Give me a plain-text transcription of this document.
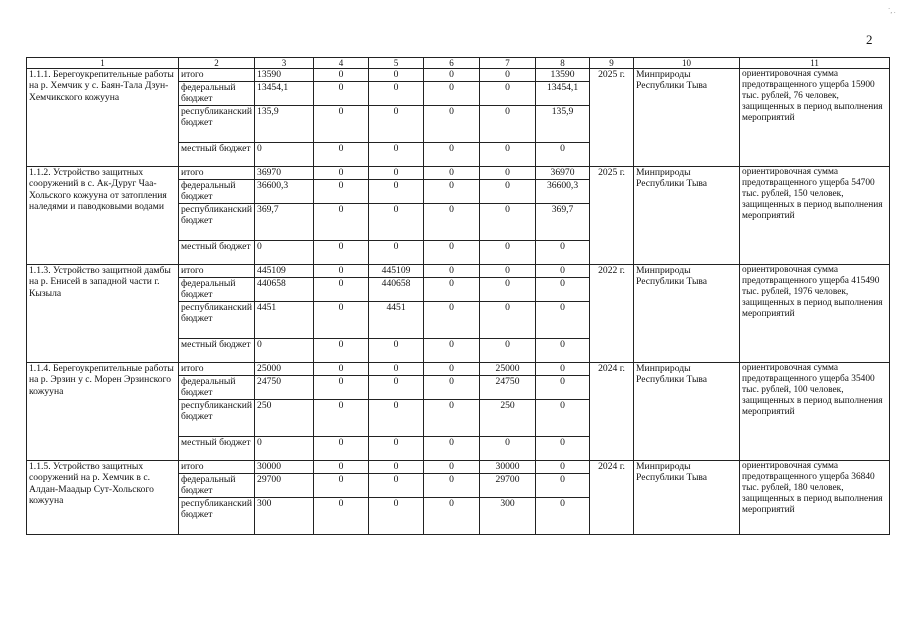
`, .
2
1	2	3	4	5	6	7	8	9	10	11
1.1.1. Берегоукрепительные работы на р. Хемчик у с. Баян-Тала Дзун-Хемчикского кожууна	итого	13590	0	0	0	0	13590	2025 г.	Минприроды Республики Тыва	ориентировочная сумма предотвращенного ущерба 15900 тыс. рублей, 76 человек, защищенных в период выполнения мероприятий
	федеральный бюджет	13454,1	0	0	0	0	13454,1			
	республиканский бюджет	135,9	0	0	0	0	135,9			
	местный бюджет	0	0	0	0	0	0			
1.1.2. Устройство защитных сооружений в с. Ак-Дуруг Чаа-Хольского кожууна от затопления наледями и паводковыми водами	итого	36970	0	0	0	0	36970	2025 г.	Минприроды Республики Тыва	ориентировочная сумма предотвращенного ущерба 54700 тыс. рублей, 150 человек, защищенных в период выполнения мероприятий
	федеральный бюджет	36600,3	0	0	0	0	36600,3			
	республиканский бюджет	369,7	0	0	0	0	369,7			
	местный бюджет	0	0	0	0	0	0			
1.1.3. Устройство защитной дамбы на р. Енисей в западной части г. Кызыла	итого	445109	0	445109	0	0	0	2022 г.	Минприроды Республики Тыва	ориентировочная сумма предотвращенного ущерба 415490 тыс. рублей, 1976 человек, защищенных в период выполнения мероприятий
	федеральный бюджет	440658	0	440658	0	0	0			
	республиканский бюджет	4451	0	4451	0	0	0			
	местный бюджет	0	0	0	0	0	0			
1.1.4. Берегоукрепительные работы на р. Эрзин у с. Морен Эрзинского кожууна	итого	25000	0	0	0	25000	0	2024 г.	Минприроды Республики Тыва	ориентировочная сумма предотвращенного ущерба 35400 тыс. рублей, 100 человек, защищенных в период выполнения мероприятий
	федеральный бюджет	24750	0	0	0	24750	0			
	республиканский бюджет	250	0	0	0	250	0			
	местный бюджет	0	0	0	0	0	0			
1.1.5. Устройство защитных сооружений на р. Хемчик в с. Алдан-Маадыр Сут-Хольского кожууна	итого	30000	0	0	0	30000	0	2024 г.	Минприроды Республики Тыва	ориентировочная сумма предотвращенного ущерба 36840 тыс. рублей, 180 человек, защищенных в период выполнения мероприятий
	федеральный бюджет	29700	0	0	0	29700	0			
	республиканский бюджет	300	0	0	0	300	0			
